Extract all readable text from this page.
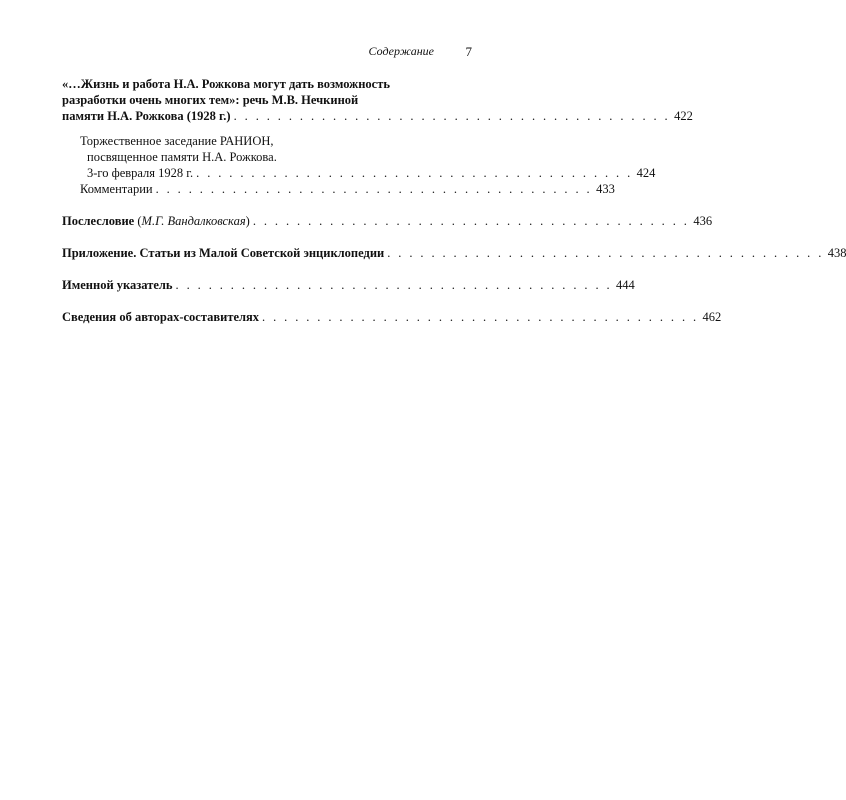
Содержание 7
«…Жизнь и работа Н.А. Рожкова могут дать возможность
разработки очень многих тем»: речь М.В. Нечкиной
памяти Н.А. Рожкова (1928 г.) . . . . . . . . . . . . . . . . . . . . . . . . . . . . . . . . . . . . . . . . 422
Торжественное заседание РАНИОН,
посвященное памяти Н.А. Рожкова.
3-го февраля 1928 г. . . . . . . . . . . . . . . . . . . . . . . . . . . . . . . . . . . . . . . . . 424
Комментарии . . . . . . . . . . . . . . . . . . . . . . . . . . . . . . . . . . . . . . . . 433
Послесловие (М.Г. Вандалковская) . . . . . . . . . . . . . . . . . . . . . . . . . . . . . . . . . . . . . . . . 436
Приложение. Статьи из Малой Советской энциклопедии . . . . . . . . . . . . . . . . . . . . . . . . . . . . . . . . . . . . . . . . 438
Именной указатель . . . . . . . . . . . . . . . . . . . . . . . . . . . . . . . . . . . . . . . . 444
Сведения об авторах-составителях . . . . . . . . . . . . . . . . . . . . . . . . . . . . . . . . . . . . . . . . 462
